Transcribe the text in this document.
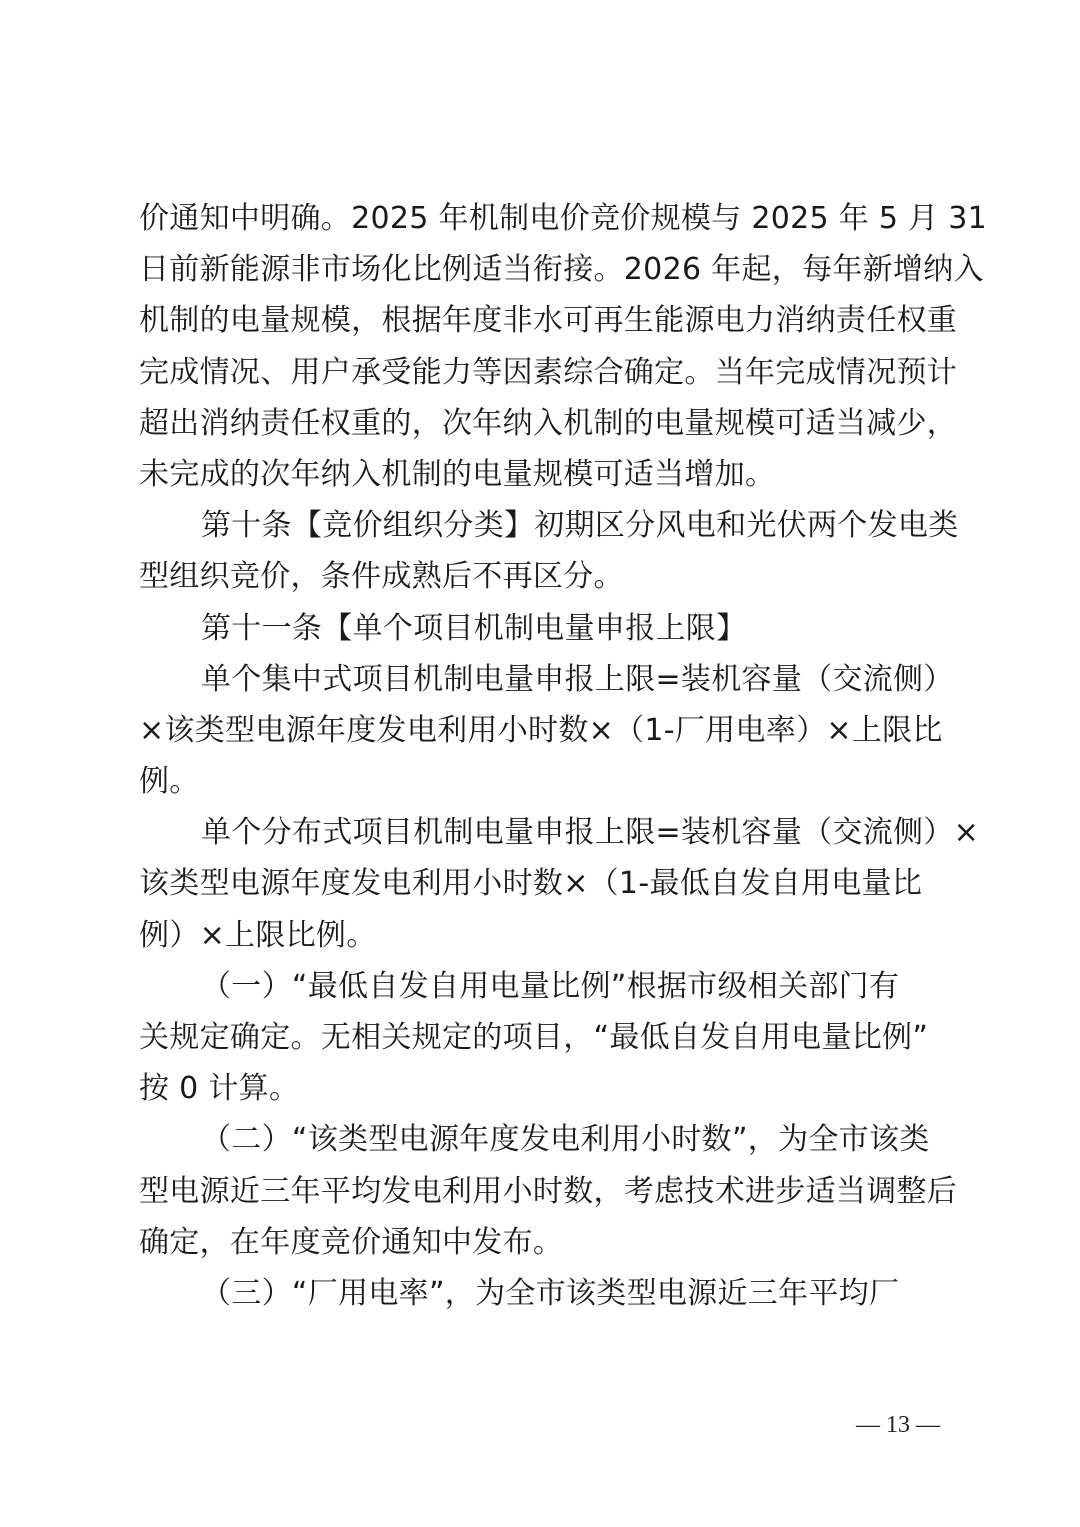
价通知中明确。2025 年机制电价竞价规模与 2025 年 5 月 31
日前新能源非市场化比例适当衔接。2026 年起，每年新增纳入
机制的电量规模，根据年度非水可再生能源电力消纳责任权重
完成情况、用户承受能力等因素综合确定。当年完成情况预计
超出消纳责任权重的，次年纳入机制的电量规模可适当减少，
未完成的次年纳入机制的电量规模可适当增加。
第十条【竞价组织分类】初期区分风电和光伏两个发电类
型组织竞价，条件成熟后不再区分。
第十一条【单个项目机制电量申报上限】
单个集中式项目机制电量申报上限=装机容量（交流侧）
×该类型电源年度发电利用小时数×（1-厂用电率）×上限比
例。
单个分布式项目机制电量申报上限=装机容量（交流侧）×
该类型电源年度发电利用小时数×（1-最低自发自用电量比
例）×上限比例。
（一）“最低自发自用电量比例”根据市级相关部门有
关规定确定。无相关规定的项目，“最低自发自用电量比例”
按 0 计算。
（二）“该类型电源年度发电利用小时数”，为全市该类
型电源近三年平均发电利用小时数，考虑技术进步适当调整后
确定，在年度竞价通知中发布。
（三）“厂用电率”，为全市该类型电源近三年平均厂
— 13 —
